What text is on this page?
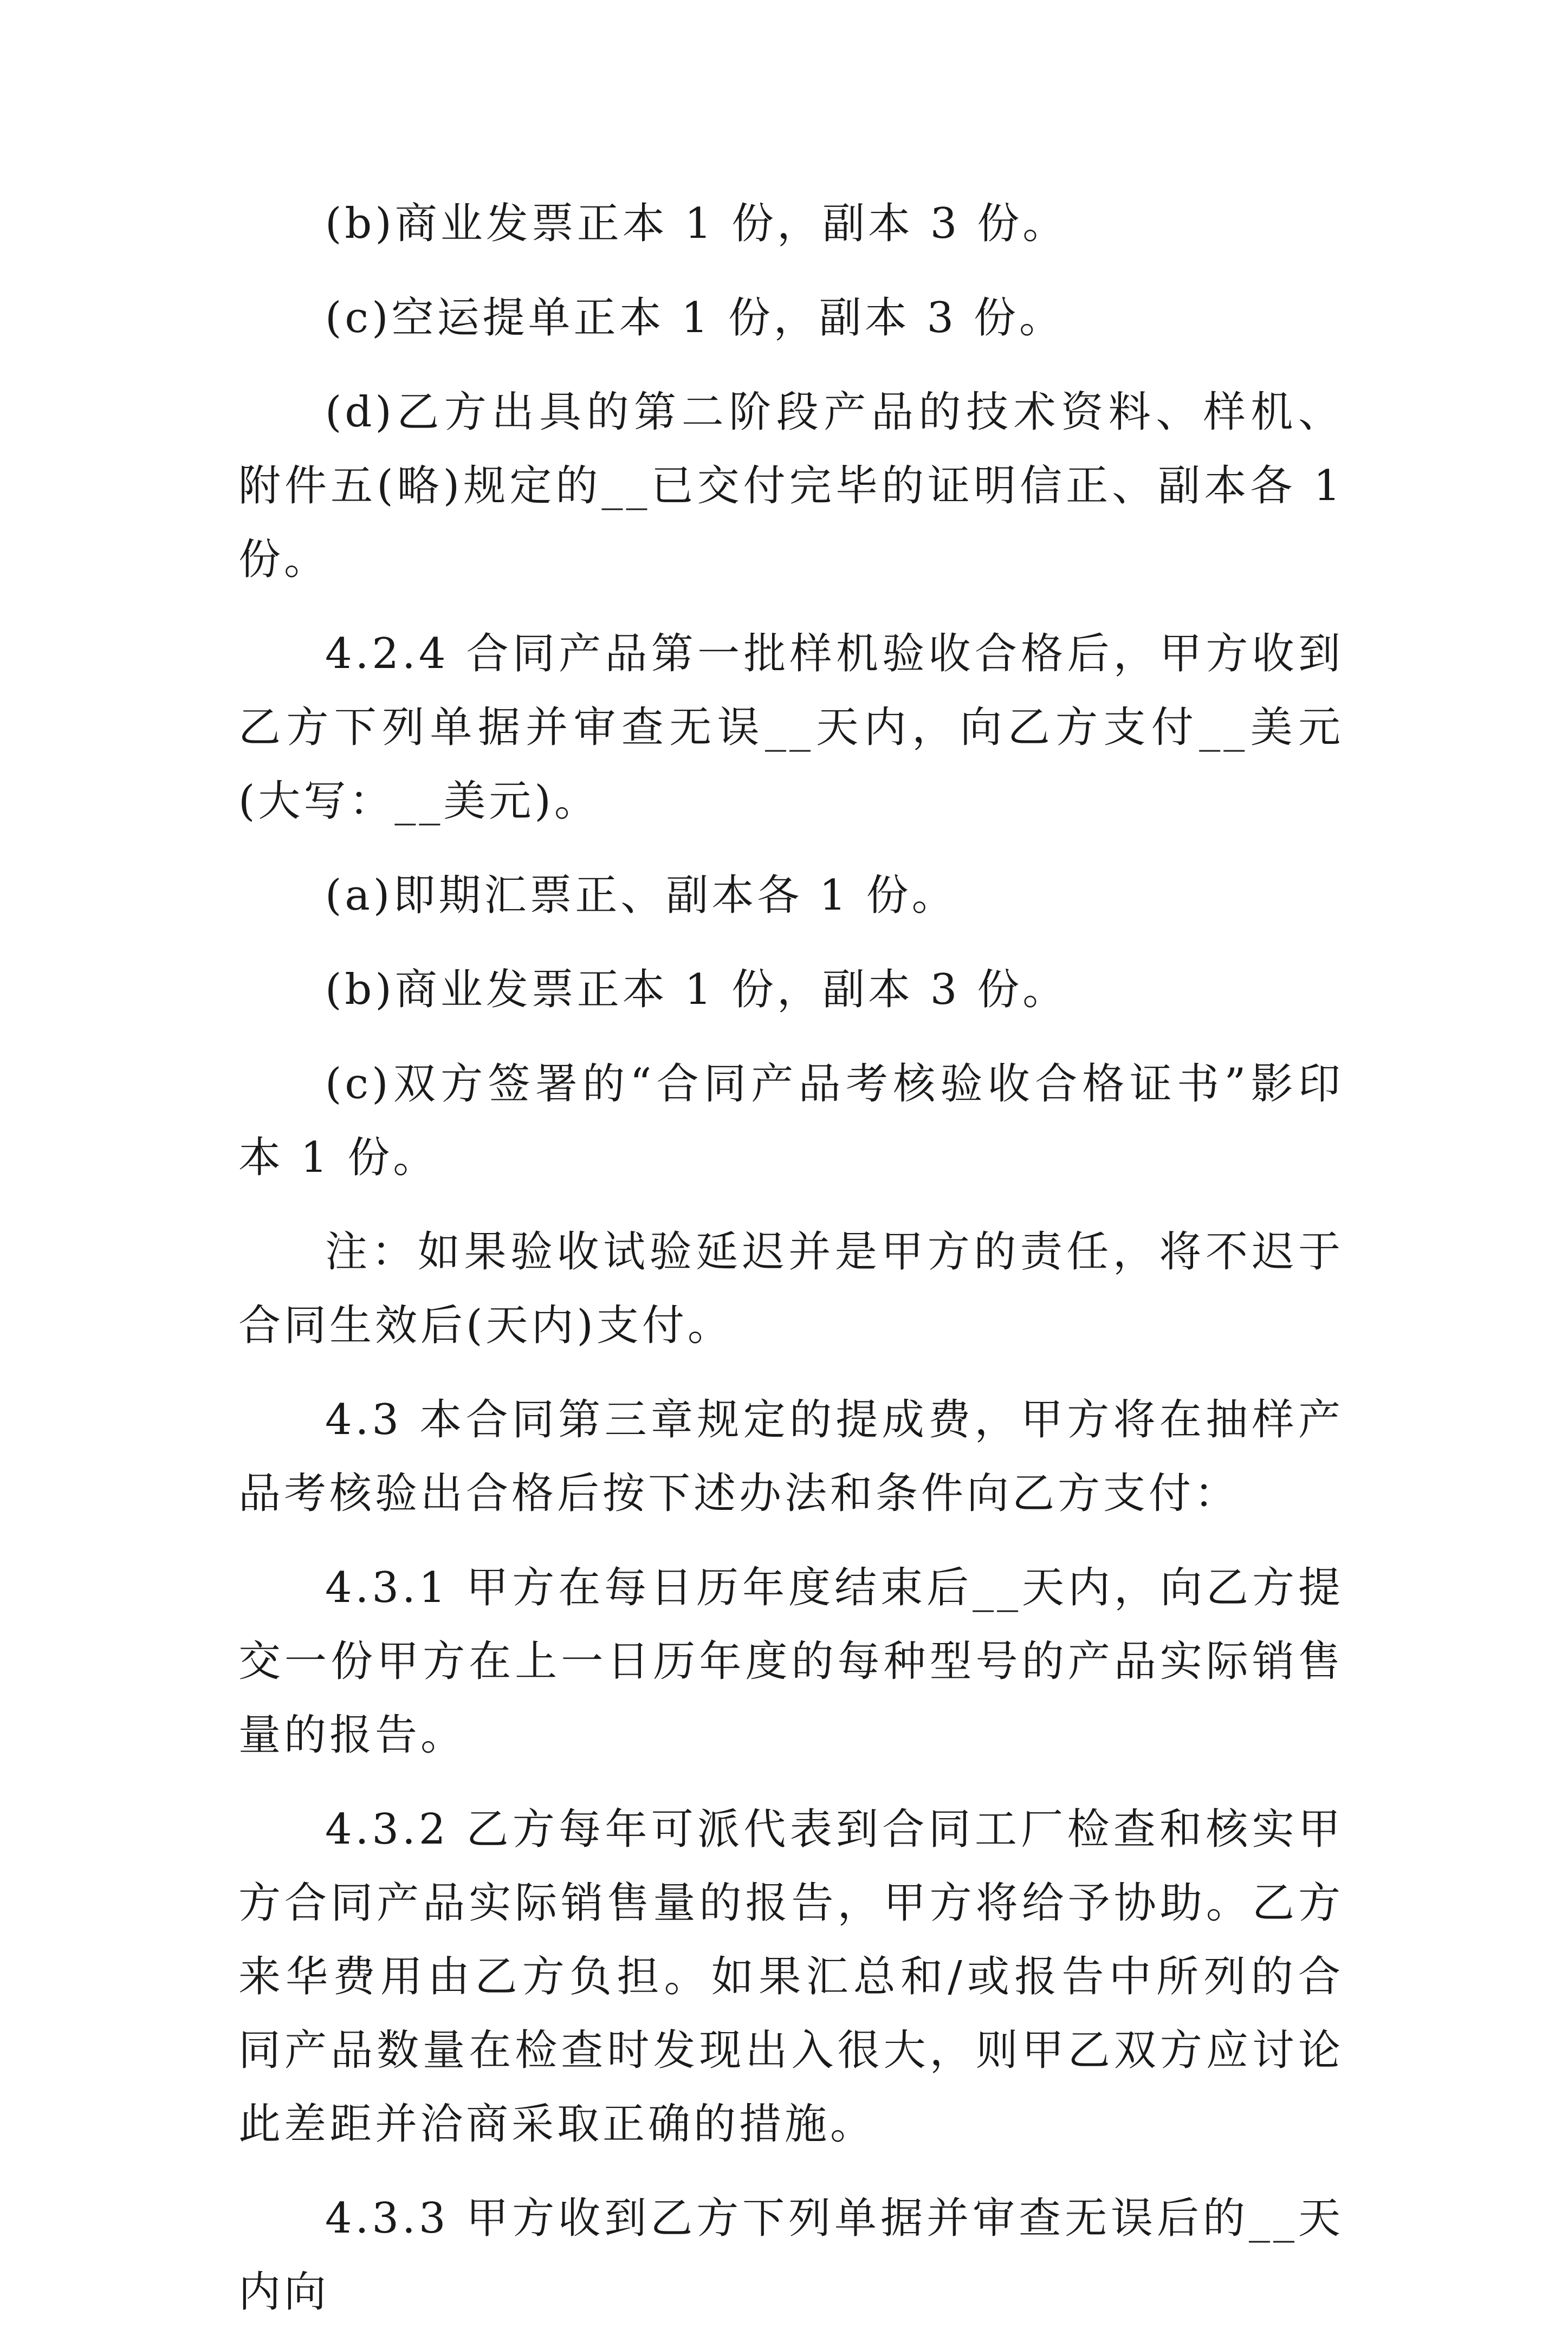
(b)商业发票正本 1 份，副本 3 份。

(c)空运提单正本 1 份，副本 3 份。

(d)乙方出具的第二阶段产品的技术资料、样机、附件五(略)规定的__已交付完毕的证明信正、副本各 1 份。

4.2.4 合同产品第一批样机验收合格后，甲方收到乙方下列单据并审查无误__天内，向乙方支付__美元(大写：__美元)。

(a)即期汇票正、副本各 1 份。

(b)商业发票正本 1 份，副本 3 份。

(c)双方签署的“合同产品考核验收合格证书”影印本 1 份。

注：如果验收试验延迟并是甲方的责任，将不迟于合同生效后(天内)支付。

4.3 本合同第三章规定的提成费，甲方将在抽样产品考核验出合格后按下述办法和条件向乙方支付：

4.3.1 甲方在每日历年度结束后__天内，向乙方提交一份甲方在上一日历年度的每种型号的产品实际销售量的报告。

4.3.2 乙方每年可派代表到合同工厂检查和核实甲方合同产品实际销售量的报告，甲方将给予协助。乙方来华费用由乙方负担。如果汇总和/或报告中所列的合同产品数量在检查时发现出入很大，则甲乙双方应讨论此差距并洽商采取正确的措施。

4.3.3 甲方收到乙方下列单据并审查无误后的__天内向
